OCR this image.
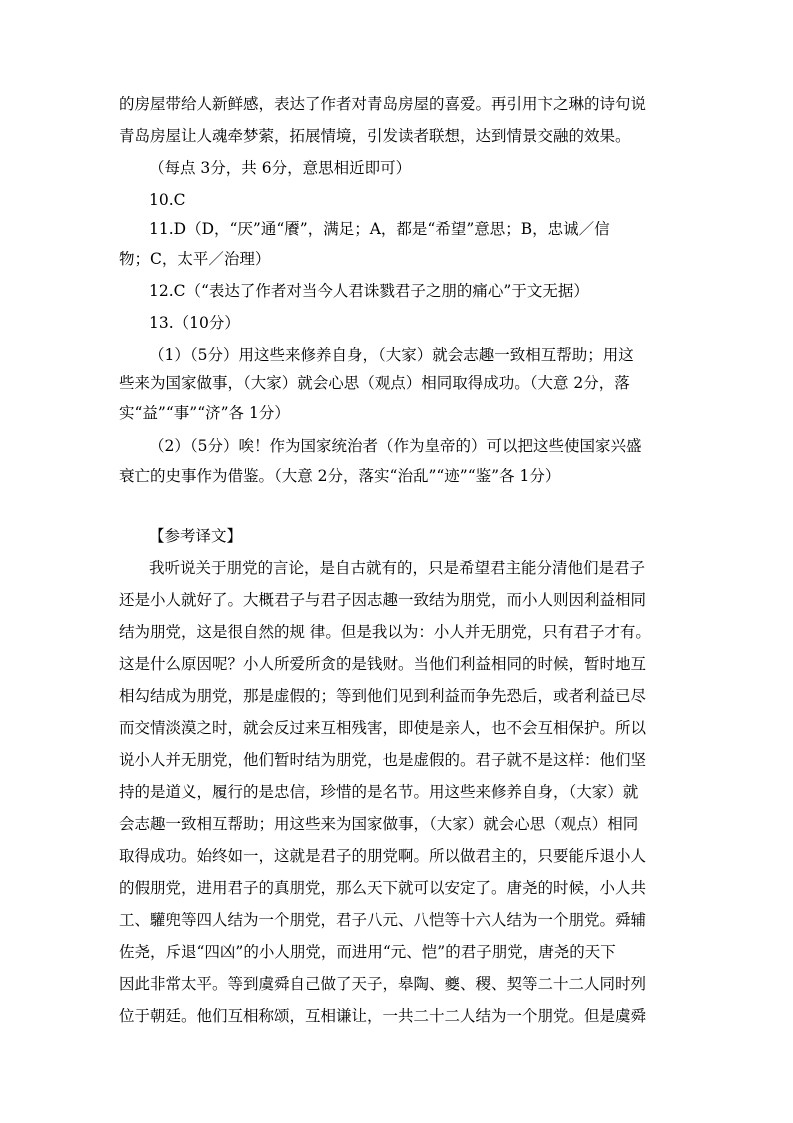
的房屋带给人新鲜感，表达了作者对青岛房屋的喜爱。再引用卞之琳的诗句说
青岛房屋让人魂牵梦萦，拓展情境，引发读者联想，达到情景交融的效果。
（每点 3分，共 6分，意思相近即可）
10.C
11.D（D，“厌”通“餍”，满足；A，都是“希望”意思；B，忠诚／信
物；C，太平／治理）
12.C（“表达了作者对当今人君诛戮君子之朋的痛心”于文无据）
13.（10分）
（1）（5分）用这些来修养自身，（大家）就会志趣一致相互帮助；用这
些来为国家做事，（大家）就会心思（观点）相同取得成功。（大意 2分，落
实“益”“事”“济”各 1分）
（2）（5分）唉！作为国家统治者（作为皇帝的）可以把这些使国家兴盛
衰亡的史事作为借鉴。（大意 2分，落实“治乱”“迹”“鉴”各 1分）
【参考译文】
我听说关于朋党的言论，是自古就有的，只是希望君主能分清他们是君子
还是小人就好了。大概君子与君子因志趣一致结为朋党，而小人则因利益相同
结为朋党，这是很自然的规 律。但是我以为：小人并无朋党，只有君子才有。
这是什么原因呢？小人所爱所贪的是钱财。当他们利益相同的时候，暂时地互
相勾结成为朋党，那是虚假的；等到他们见到利益而争先恐后，或者利益已尽
而交情淡漠之时，就会反过来互相残害，即使是亲人，也不会互相保护。所以
说小人并无朋党，他们暂时结为朋党，也是虚假的。君子就不是这样：他们坚
持的是道义，履行的是忠信，珍惜的是名节。用这些来修养自身，（大家）就
会志趣一致相互帮助；用这些来为国家做事，（大家）就会心思（观点）相同
取得成功。始终如一，这就是君子的朋党啊。所以做君主的，只要能斥退小人
的假朋党，进用君子的真朋党，那么天下就可以安定了。唐尧的时候，小人共
工、驩兜等四人结为一个朋党，君子八元、八恺等十六人结为一个朋党。舜辅
佐尧，斥退“四凶”的小人朋党，而进用“元、恺”的君子朋党，唐尧的天下
因此非常太平。等到虞舜自己做了天子，皋陶、夔、稷、契等二十二人同时列
位于朝廷。他们互相称颂，互相谦让，一共二十二人结为一个朋党。但是虞舜
